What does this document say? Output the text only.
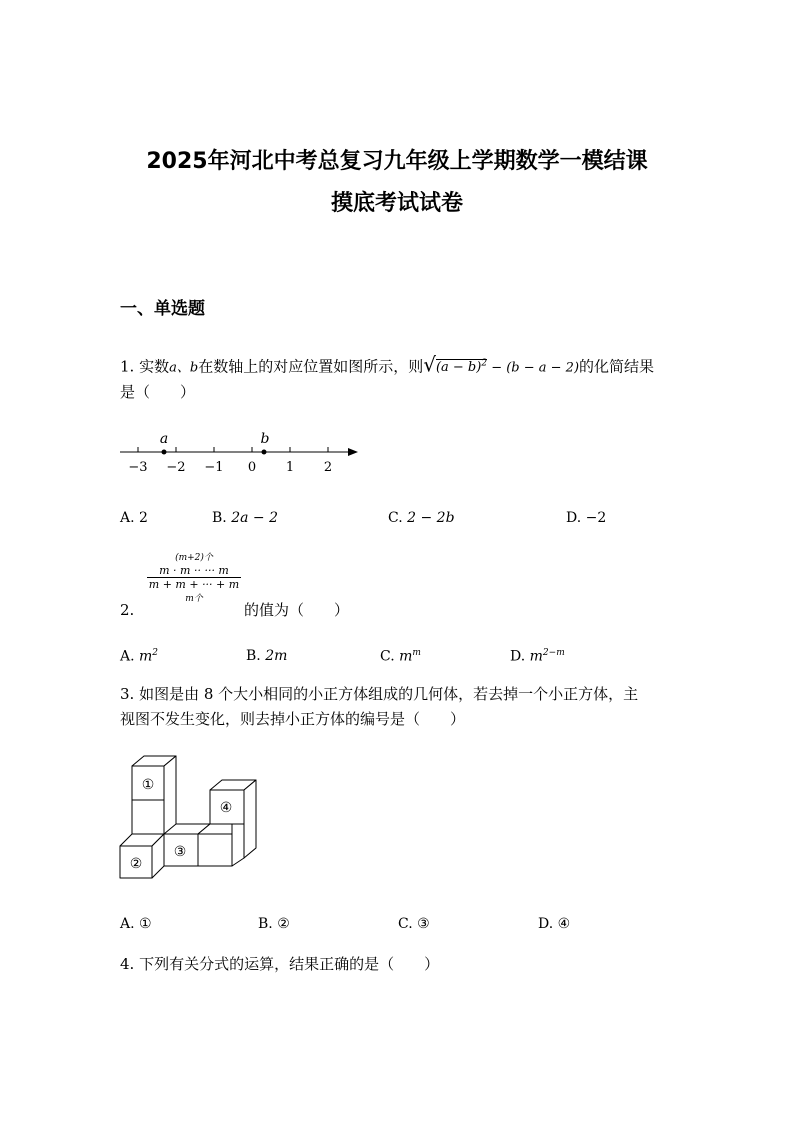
2025年河北中考总复习九年级上学期数学一模结课
摸底考试试卷
一、单选题
1. 实数a、b在数轴上的对应位置如图所示，则$√(a - b)^2 - (b - a - 2)$的化简结果
是（　　）
−3 −2 −1 0 1 2
a	b
A. 2	B. 2a − 2	C. 2 − 2b	D. −2
2.
(m+2)个
m · m ·· ··· m
m + m + ··· + m
m个
的值为（　　）
A. $m^2$	B. 2m	C. $m^m$	D. $m^{2-m}$
3. 如图是由 8 个大小相同的小正方体组成的几何体，若去掉一个小正方体，主
视图不发生变化，则去掉小正方体的编号是（　　）
①
②
③
④
A. ①	B. ②	C. ③	D. ④
4. 下列有关分式的运算，结果正确的是（　　）
